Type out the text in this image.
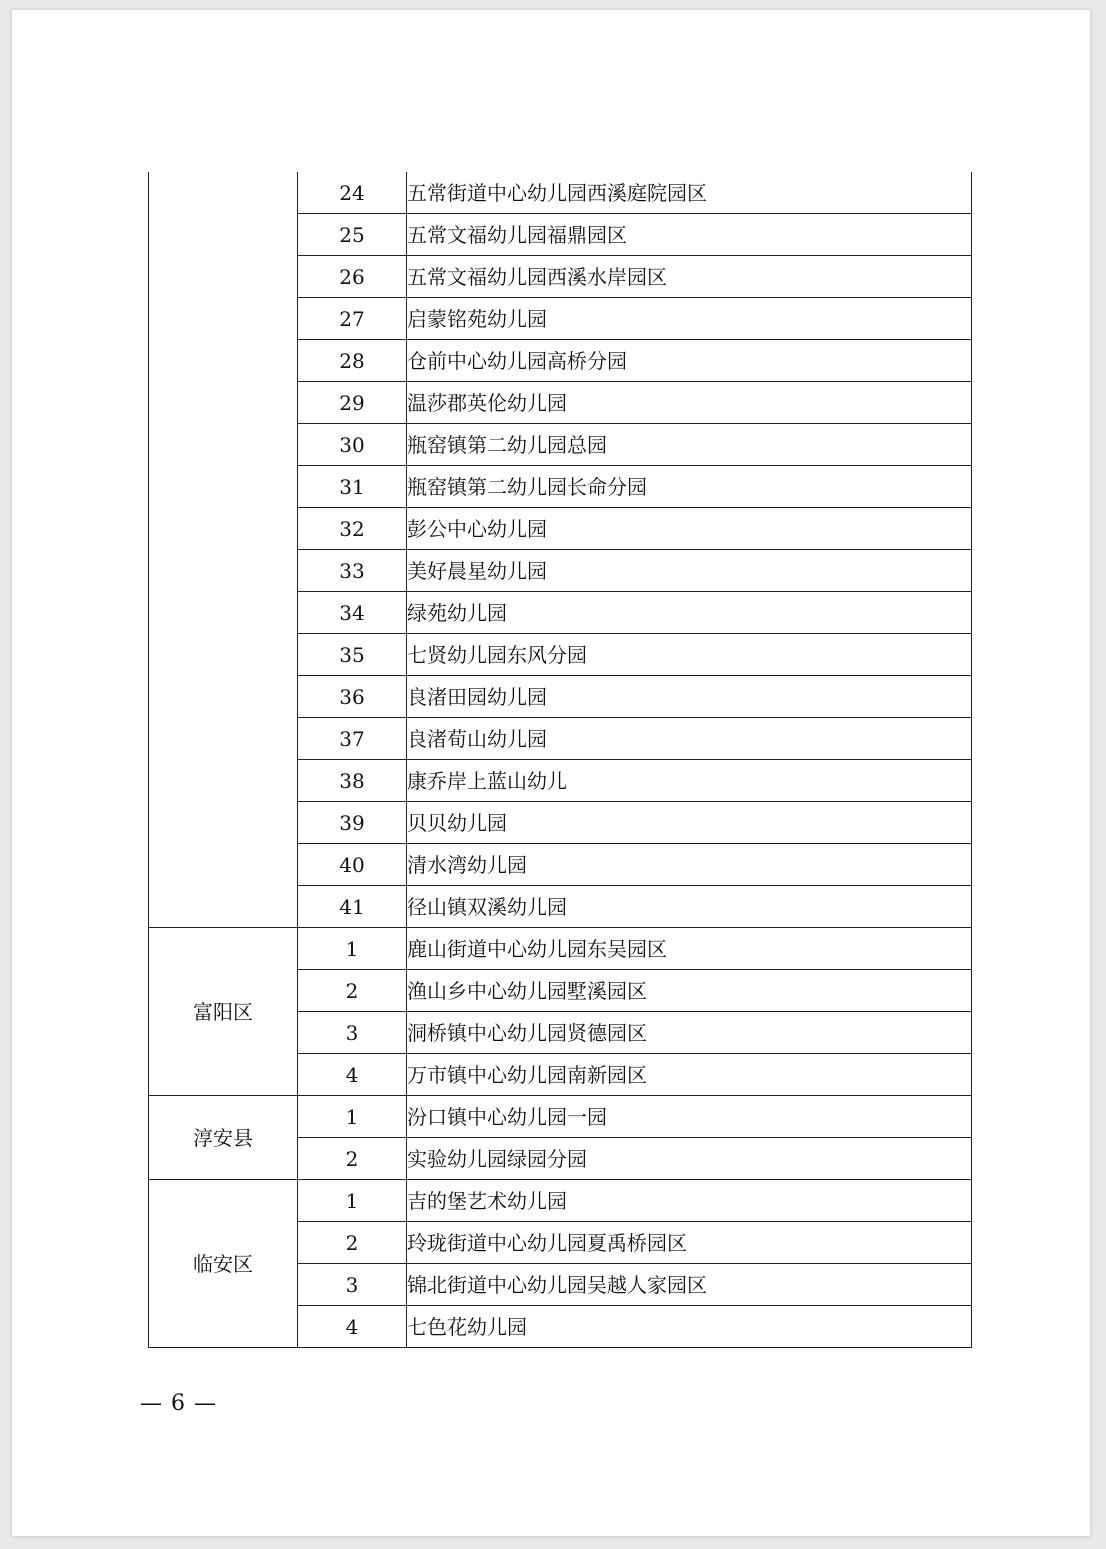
	24	五常街道中心幼儿园西溪庭院园区
	25	五常文福幼儿园福鼎园区
	26	五常文福幼儿园西溪水岸园区
	27	启蒙铭苑幼儿园
	28	仓前中心幼儿园高桥分园
	29	温莎郡英伦幼儿园
	30	瓶窑镇第二幼儿园总园
	31	瓶窑镇第二幼儿园长命分园
	32	彭公中心幼儿园
	33	美好晨星幼儿园
	34	绿苑幼儿园
	35	七贤幼儿园东风分园
	36	良渚田园幼儿园
	37	良渚荀山幼儿园
	38	康乔岸上蓝山幼儿
	39	贝贝幼儿园
	40	清水湾幼儿园
	41	径山镇双溪幼儿园
富阳区	1	鹿山街道中心幼儿园东吴园区
	2	渔山乡中心幼儿园墅溪园区
	3	洞桥镇中心幼儿园贤德园区
	4	万市镇中心幼儿园南新园区
淳安县	1	汾口镇中心幼儿园一园
	2	实验幼儿园绿园分园
临安区	1	吉的堡艺术幼儿园
	2	玲珑街道中心幼儿园夏禹桥园区
	3	锦北街道中心幼儿园吴越人家园区
	4	七色花幼儿园
— 6 —
